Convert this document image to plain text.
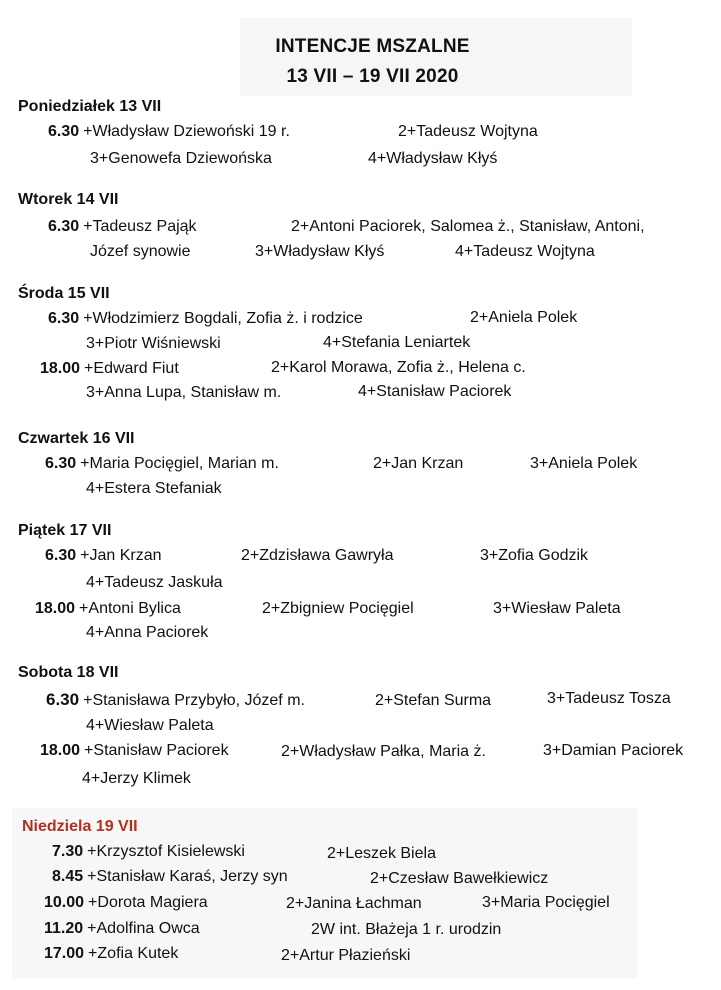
INTENCJE MSZALNE
13 VII – 19 VII 2020
Poniedziałek 13 VII
6.30 +Władysław Dziewoński 19 r.	2+Tadeusz Wojtyna
3+Genowefa Dziewońska	4+Władysław Kłyś
Wtorek 14 VII
6.30 +Tadeusz Pająk	2+Antoni Paciorek, Salomea ż., Stanisław, Antoni,
Józef synowie	3+Władysław Kłyś	4+Tadeusz Wojtyna
Środa 15 VII
6.30 +Włodzimierz Bogdali, Zofia ż. i rodzice	2+Aniela Polek
3+Piotr Wiśniewski	4+Stefania Leniartek
18.00 +Edward Fiut	2+Karol Morawa, Zofia ż., Helena c.
3+Anna Lupa, Stanisław m.	4+Stanisław Paciorek
Czwartek 16 VII
6.30 +Maria Pocięgiel, Marian m.	2+Jan Krzan	3+Aniela Polek
4+Estera Stefaniak
Piątek 17 VII
6.30 +Jan Krzan	2+Zdzisława Gawryła	3+Zofia Godzik
4+Tadeusz Jaskuła
18.00 +Antoni Bylica	2+Zbigniew Pocięgiel	3+Wiesław Paleta
4+Anna Paciorek
Sobota 18 VII
6.30 +Stanisława Przybyło, Józef m.	2+Stefan Surma	3+Tadeusz Tosza
4+Wiesław Paleta
18.00 +Stanisław Paciorek	2+Władysław Pałka, Maria ż.	3+Damian Paciorek
4+Jerzy Klimek
Niedziela 19 VII
7.30 +Krzysztof Kisielewski	2+Leszek Biela
8.45 +Stanisław Karaś, Jerzy syn	2+Czesław Bawełkiewicz
10.00 +Dorota Magiera	2+Janina Łachman	3+Maria Pocięgiel
11.20 +Adolfina Owca	2W int. Błażeja 1 r. urodzin
17.00 +Zofia Kutek	2+Artur Płazieński
